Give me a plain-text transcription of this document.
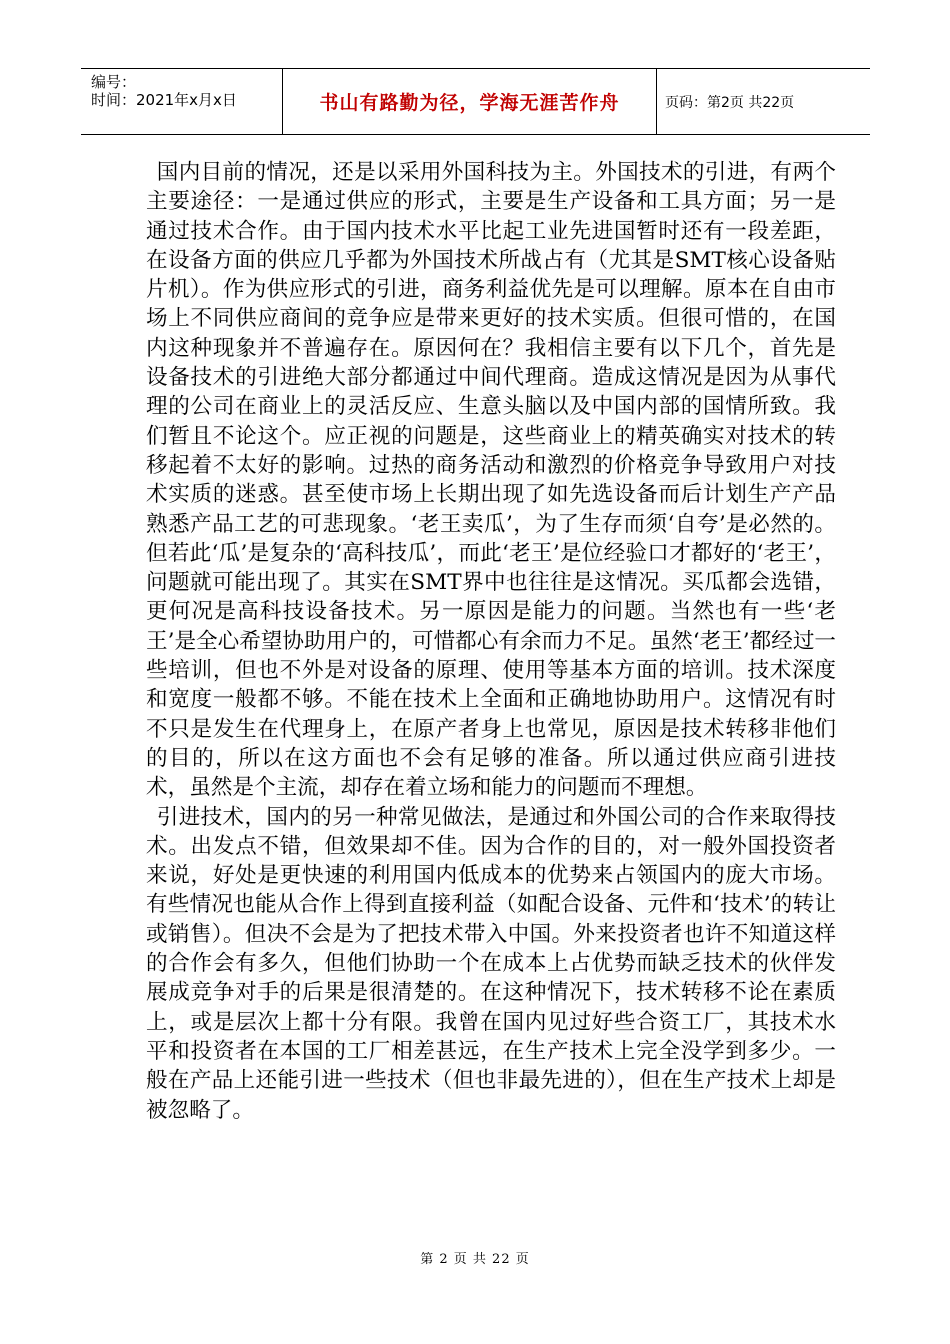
编号：
时间：2021年x月x日	书山有路勤为径，学海无涯苦作舟	页码：第2页 共22页

国内目前的情况，还是以采用外国科技为主。外国技术的引进，有两个主要途径：一是通过供应的形式，主要是生产设备和工具方面；另一是通过技术合作。由于国内技术水平比起工业先进国暂时还有一段差距，在设备方面的供应几乎都为外国技术所战占有（尤其是SMT核心设备贴片机）。作为供应形式的引进，商务利益优先是可以理解。原本在自由市场上不同供应商间的竞争应是带来更好的技术实质。但很可惜的，在国内这种现象并不普遍存在。原因何在？我相信主要有以下几个，首先是设备技术的引进绝大部分都通过中间代理商。造成这情况是因为从事代理的公司在商业上的灵活反应、生意头脑以及中国内部的国情所致。我们暂且不论这个。应正视的问题是，这些商业上的精英确实对技术的转移起着不太好的影响。过热的商务活动和激烈的价格竞争导致用户对技术实质的迷惑。甚至使市场上长期出现了如先选设备而后计划生产产品熟悉产品工艺的可悲现象。‘老王卖瓜’，为了生存而须‘自夸’是必然的。但若此‘瓜’是复杂的‘高科技瓜’，而此‘老王’是位经验口才都好的‘老王’，问题就可能出现了。其实在SMT界中也往往是这情况。买瓜都会选错，更何况是高科技设备技术。另一原因是能力的问题。当然也有一些‘老王’是全心希望协助用户的，可惜都心有余而力不足。虽然‘老王’都经过一些培训，但也不外是对设备的原理、使用等基本方面的培训。技术深度和宽度一般都不够。不能在技术上全面和正确地协助用户。这情况有时不只是发生在代理身上，在原产者身上也常见，原因是技术转移非他们的目的，所以在这方面也不会有足够的准备。所以通过供应商引进技术，虽然是个主流，却存在着立场和能力的问题而不理想。

引进技术，国内的另一种常见做法，是通过和外国公司的合作来取得技术。出发点不错，但效果却不佳。因为合作的目的，对一般外国投资者来说，好处是更快速的利用国内低成本的优势来占领国内的庞大市场。有些情况也能从合作上得到直接利益（如配合设备、元件和‘技术’的转让或销售）。但决不会是为了把技术带入中国。外来投资者也许不知道这样的合作会有多久，但他们协助一个在成本上占优势而缺乏技术的伙伴发展成竞争对手的后果是很清楚的。在这种情况下，技术转移不论在素质上，或是层次上都十分有限。我曾在国内见过好些合资工厂，其技术水平和投资者在本国的工厂相差甚远，在生产技术上完全没学到多少。一般在产品上还能引进一些技术（但也非最先进的），但在生产技术上却是被忽略了。

第 2 页 共 22 页
